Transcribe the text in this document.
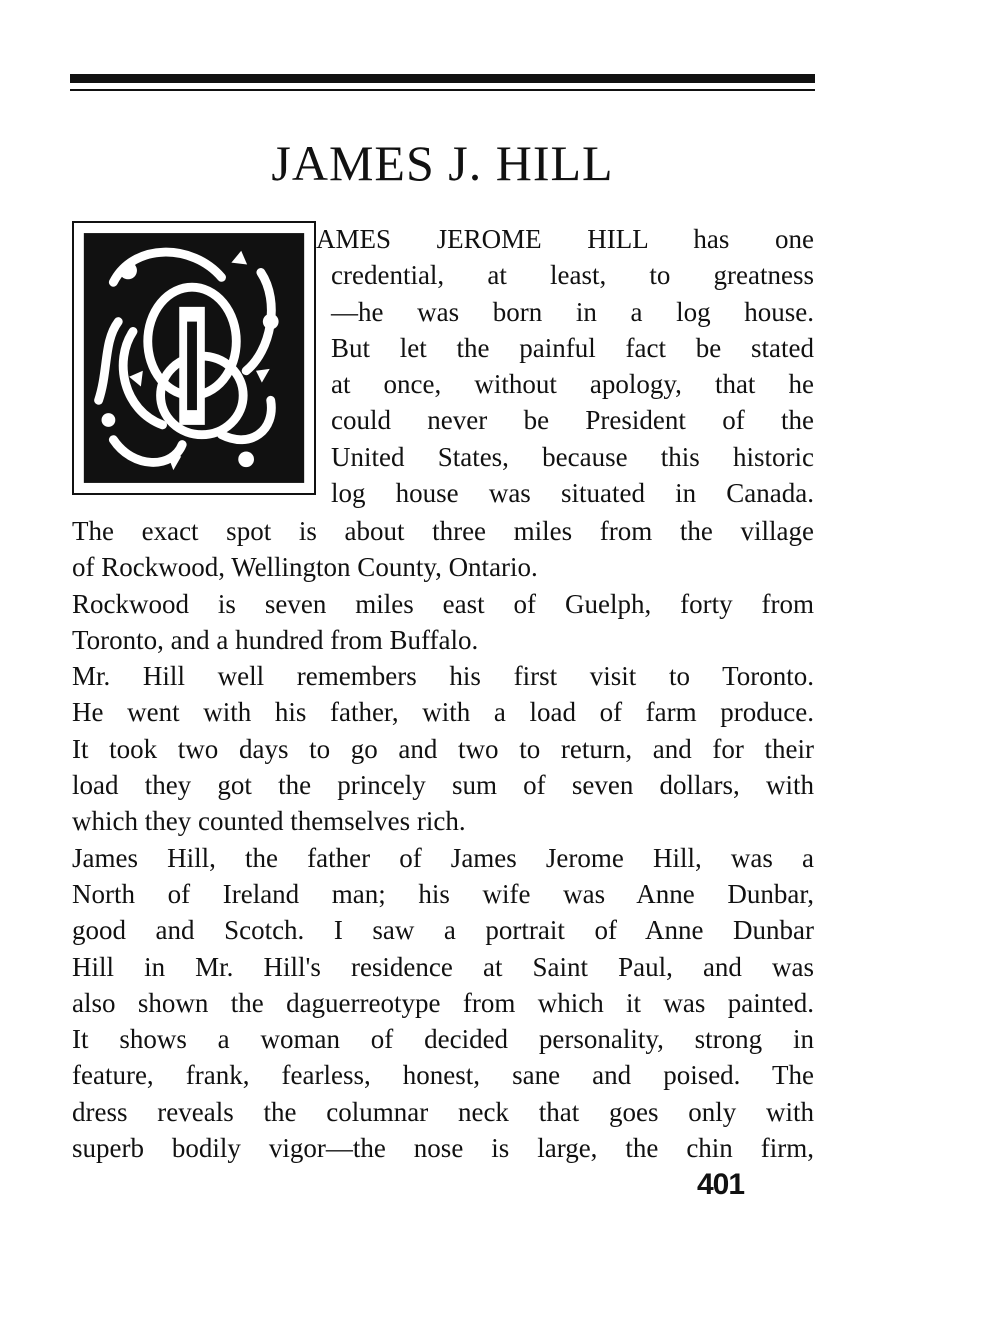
JAMES J. HILL

AMES JEROME HILL has one

credential, at least, to greatness

—he was born in a log house.

But let the painful fact be stated

at once, without apology, that he

could never be President of the

United States, because this historic

log house was situated in Canada.

The exact spot is about three miles from the village

of Rockwood, Wellington County, Ontario.

Rockwood is seven miles east of Guelph, forty from

Toronto, and a hundred from Buffalo.

Mr. Hill well remembers his first visit to Toronto.

He went with his father, with a load of farm produce.

It took two days to go and two to return, and for their

load they got the princely sum of seven dollars, with

which they counted themselves rich.

James Hill, the father of James Jerome Hill, was a

North of Ireland man; his wife was Anne Dunbar,

good and Scotch. I saw a portrait of Anne Dunbar

Hill in Mr. Hill's residence at Saint Paul, and was

also shown the daguerreotype from which it was painted.

It shows a woman of decided personality, strong in

feature, frank, fearless, honest, sane and poised. The

dress reveals the columnar neck that goes only with

superb bodily vigor—the nose is large, the chin firm,

401
